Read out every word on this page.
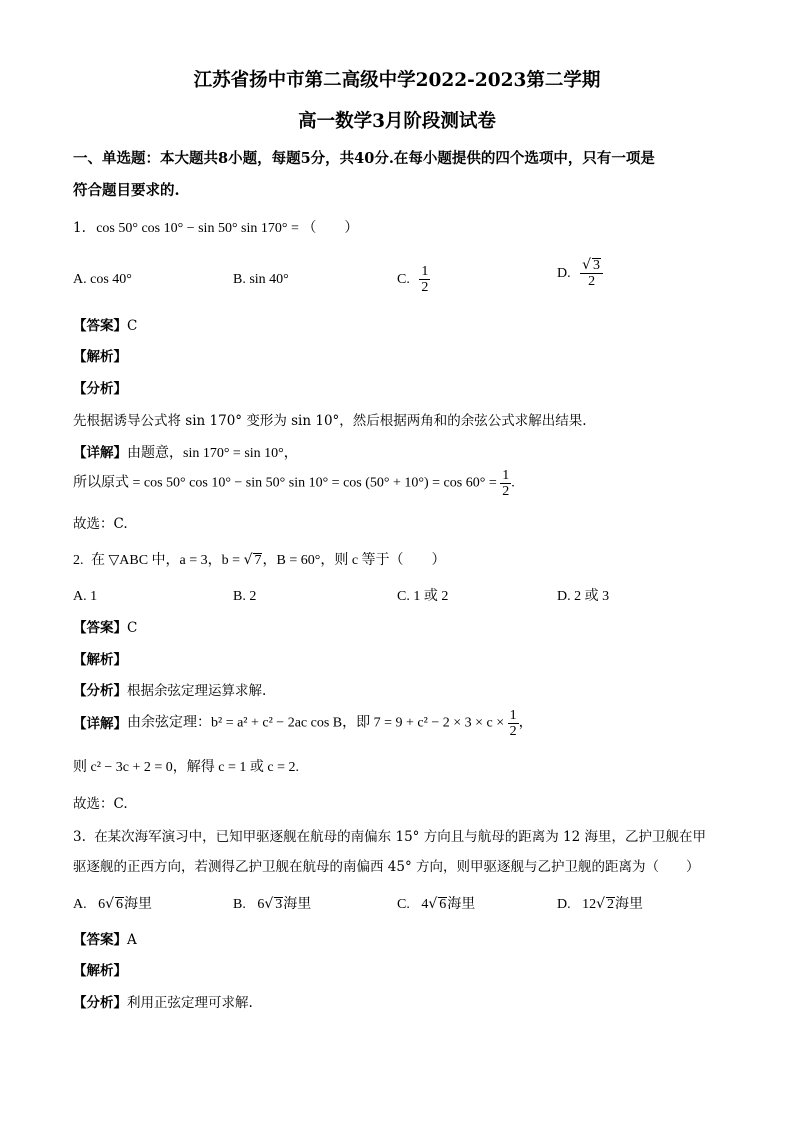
江苏省扬中市第二高级中学2022-2023第二学期
高一数学3月阶段测试卷
一、单选题：本大题共8小题，每题5分，共40分.在每小题提供的四个选项中，只有一项是
符合题目要求的.
1. cos 50° cos 10° − sin 50° sin 170° = （　　）
A. cos 40°	B. sin 40°	C. $\frac{1}{2}$	D. $\frac{√ 3}{2}$
【答案】C
【解析】
【分析】
先根据诱导公式将 sin 170° 变形为 sin 10°，然后根据两角和的余弦公式求解出结果.
【详解】由题意，sin 170° = sin 10°，
所以原式 = cos 50° cos 10° − sin 50° $\sin 10^\circ = \cos (50^\circ + 10^\circ) = \cos 60^\circ = \frac{1}{2}$ .
故选：C.
2. 在 ▽ABC 中，a = 3，b = √ 7，B = 60°，则 c 等于（　　）
A. 1	B. 2	C. 1 或 2	D. 2 或 3
【答案】C
【解析】
【分析】根据余弦定理运算求解.
【详解】由余弦定理：b² = a² + c² − 2ac cos B，即 $7 = 9 + c^2 - 2 \times 3 \times c \times \frac{1}{2}$ ，
则 c² − 3c + 2 = 0，解得 c = 1 或 c = 2.
故选：C.
3. 在某次海军演习中，已知甲驱逐舰在航母的南偏东 15° 方向且与航母的距离为 12 海里，乙护卫舰在甲
驱逐舰的正西方向，若测得乙护卫舰在航母的南偏西 45° 方向，则甲驱逐舰与乙护卫舰的距离为（　　）
A. 6√ 6海里	B. 6√ 3海里	C. 4√ 6海里	D. 12√ 2海里
【答案】A
【解析】
【分析】利用正弦定理可求解.
